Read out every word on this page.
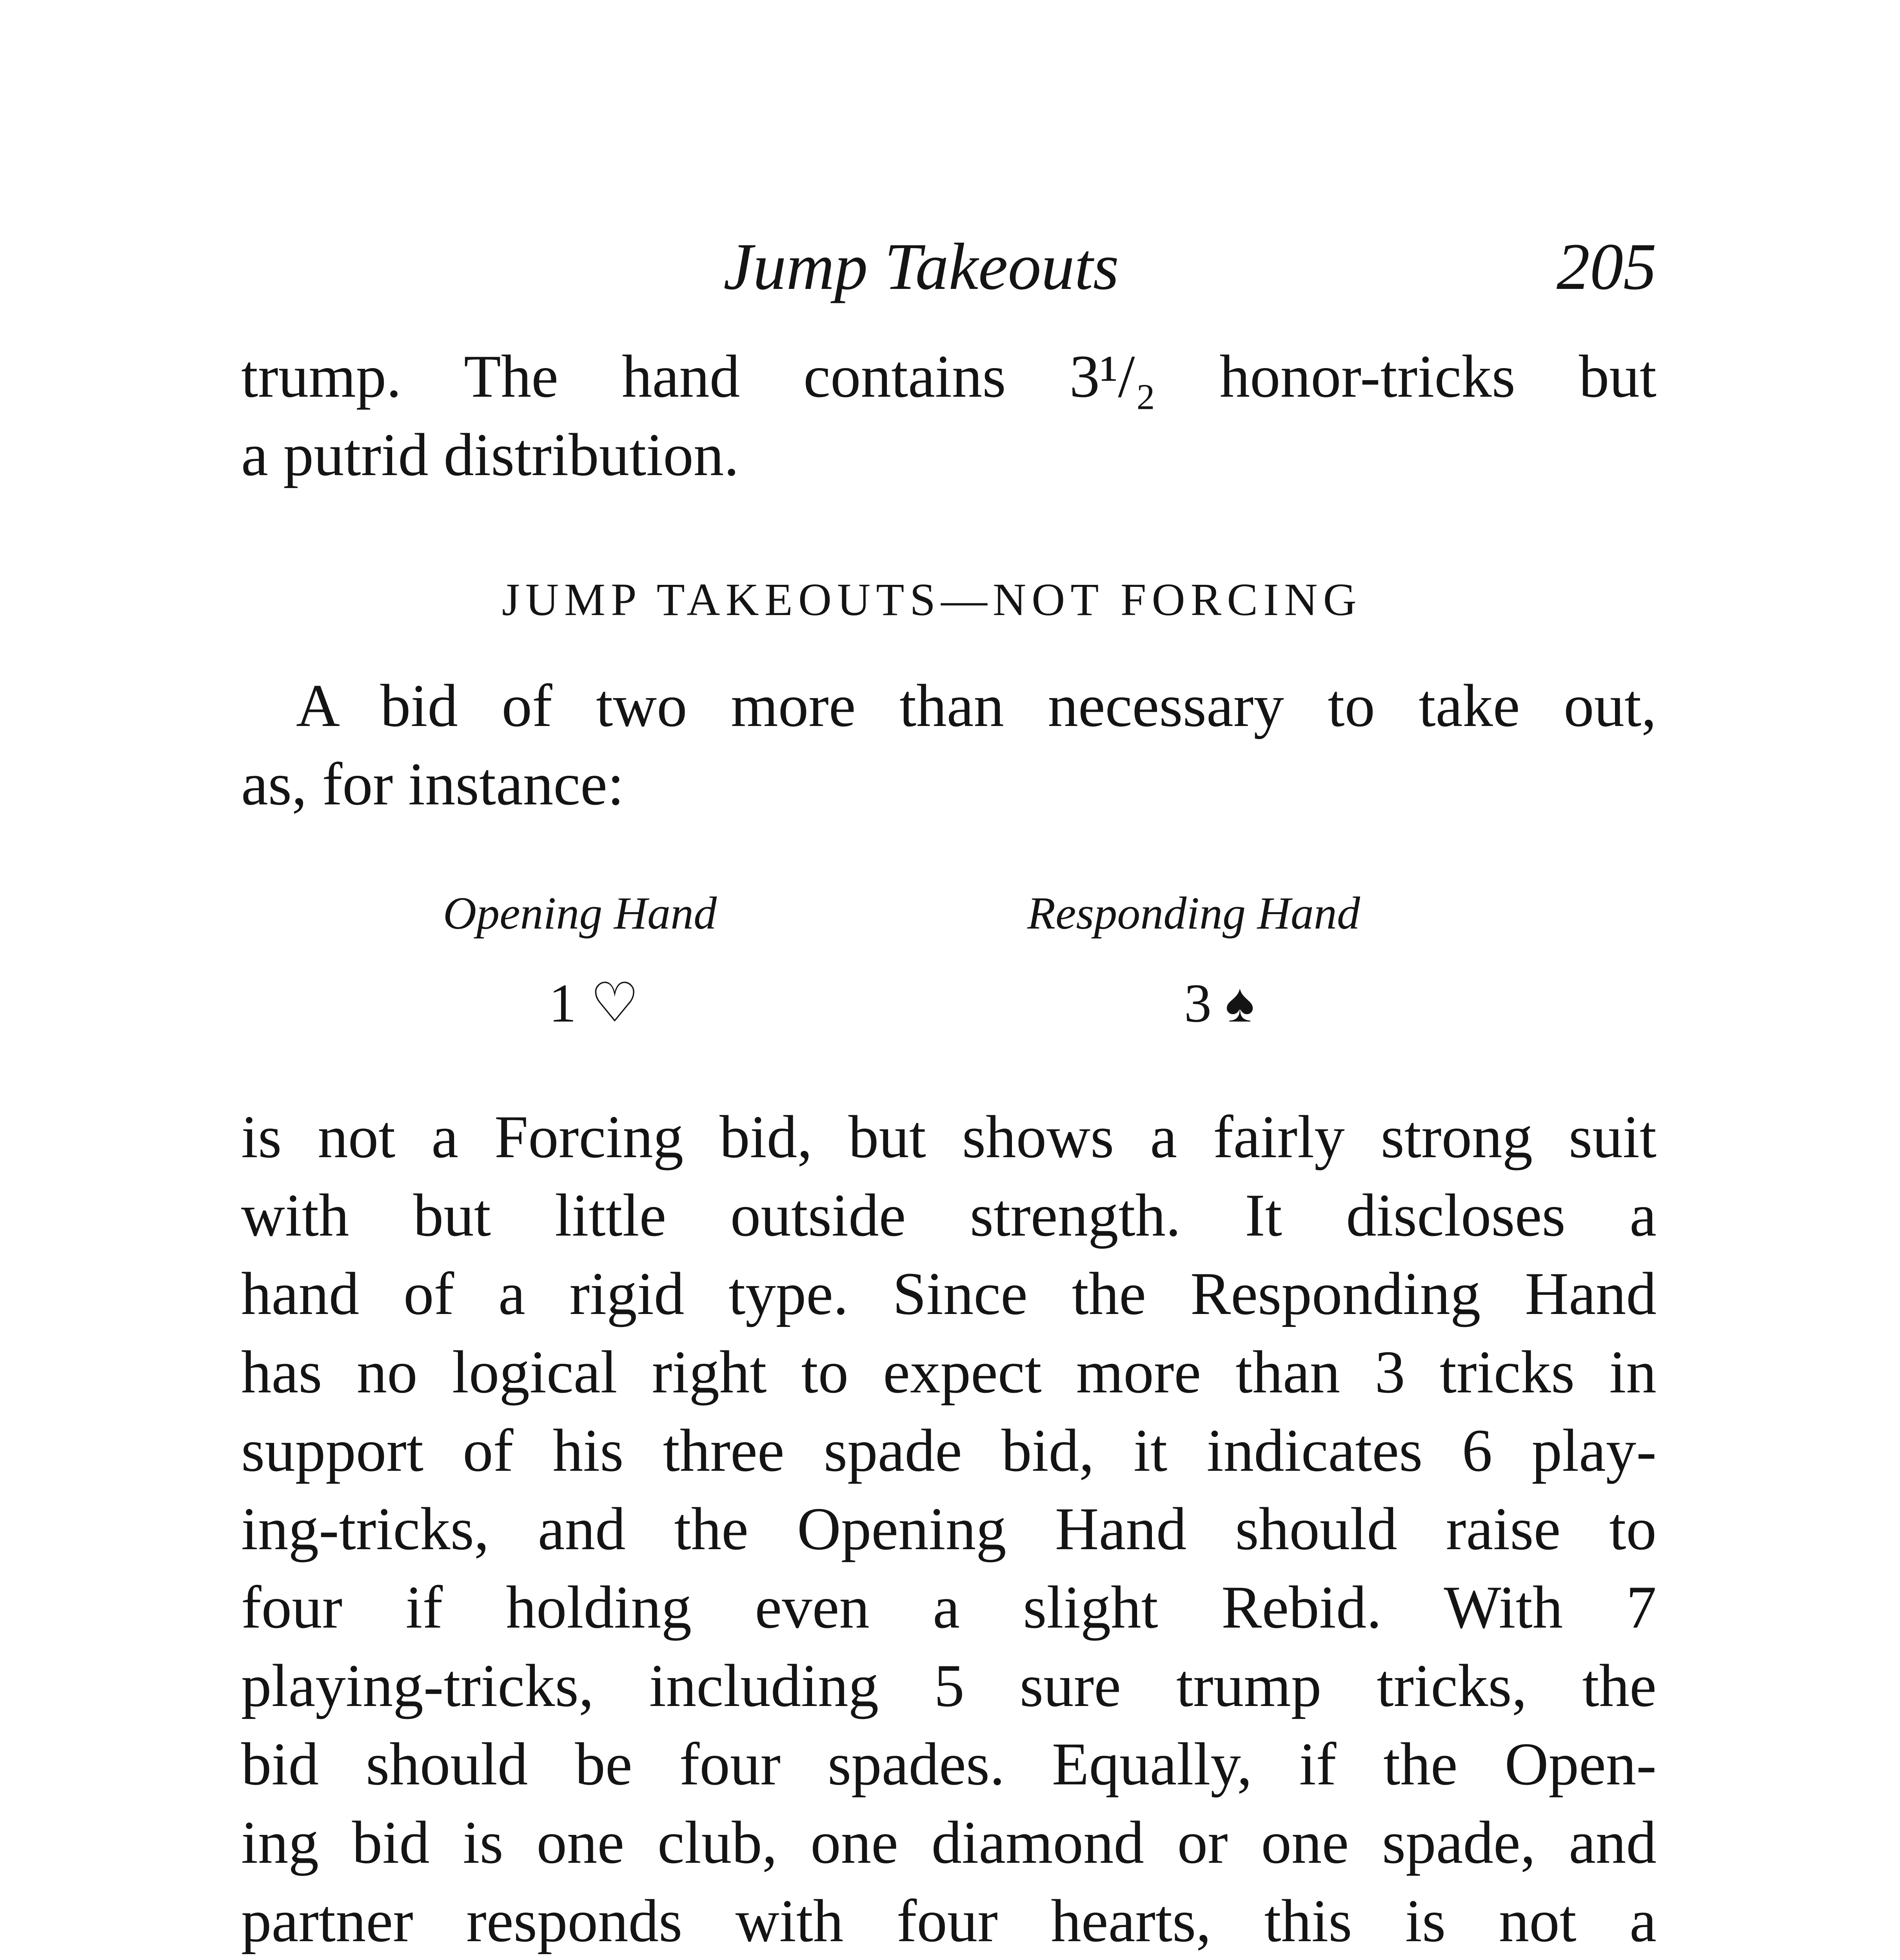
Jump Takeouts	205
trump. The hand contains 3¹/₂ honor-tricks but
a putrid distribution.
JUMP TAKEOUTS—NOT FORCING
A bid of two more than necessary to take out,
as, for instance:
Opening Hand	Responding Hand
1 ♡	3 ♠
is not a Forcing bid, but shows a fairly strong suit
with but little outside strength. It discloses a
hand of a rigid type. Since the Responding Hand
has no logical right to expect more than 3 tricks in
support of his three spade bid, it indicates 6 play-
ing-tricks, and the Opening Hand should raise to
four if holding even a slight Rebid. With 7
playing-tricks, including 5 sure trump tricks, the
bid should be four spades. Equally, if the Open-
ing bid is one club, one diamond or one spade, and
partner responds with four hearts, this is not a
